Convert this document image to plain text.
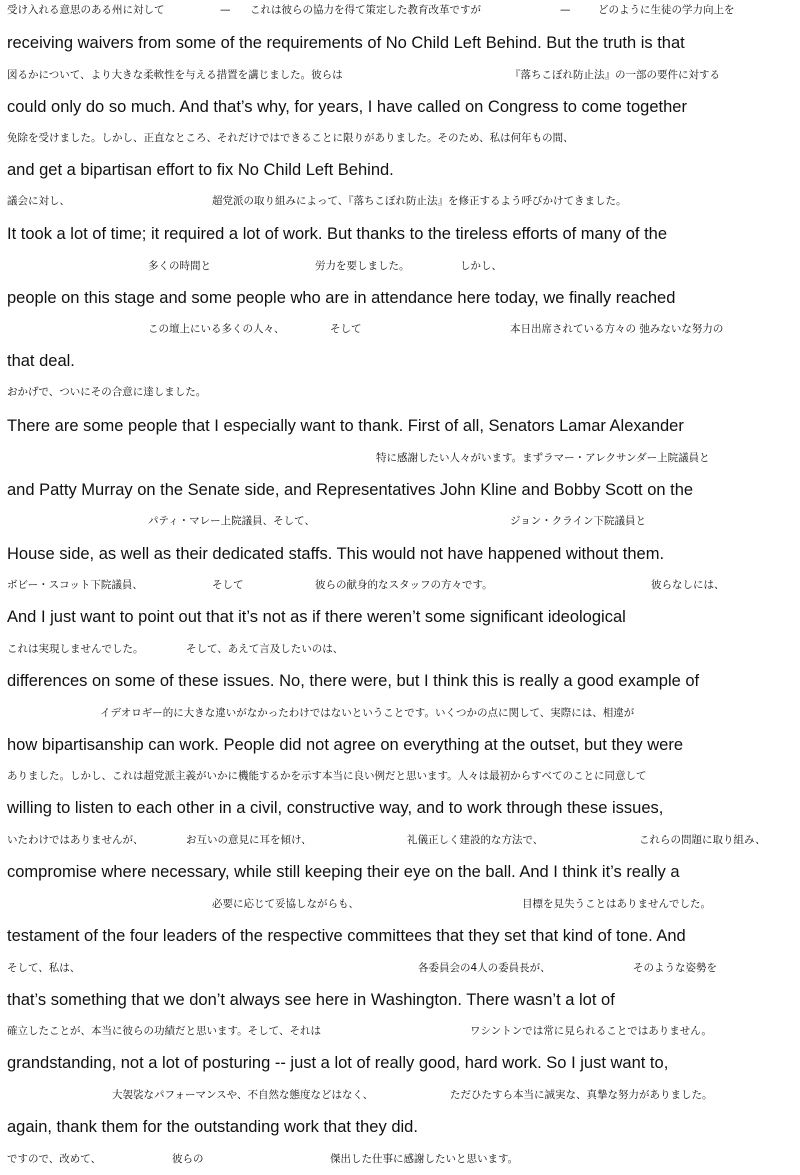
受け入れる意思のある州に対して	— これは彼らの協力を得て策定した教育改革ですが	—	どのように生徒の学力向上を
receiving waivers from some of the requirements of No Child Left Behind. But the truth is that
図るかについて、より大きな柔軟性を与える措置を講じました。彼らは	『落ちこぼれ防止法』の一部の要件に対する
could only do so much. And that’s why, for years, I have called on Congress to come together
免除を受けました。しかし、正直なところ、それだけではできることに限りがありました。そのため、私は何年もの間、
and get a bipartisan effort to fix No Child Left Behind.
議会に対し、	超党派の取り組みによって、『落ちこぼれ防止法』を修正するよう呼びかけてきました。
It took a lot of time; it required a lot of work. But thanks to the tireless efforts of many of the
多くの時間と	労力を要しました。	しかし、
people on this stage and some people who are in attendance here today, we finally reached
この壇上にいる多くの人々、	そして	本日出席されている方々の 弛みないな努力の
that deal.
おかげで、ついにその合意に達しました。
There are some people that I especially want to thank. First of all, Senators Lamar Alexander
特に感謝したい人々がいます。まずラマー・アレクサンダー上院議員と
and Patty Murray on the Senate side, and Representatives John Kline and Bobby Scott on the
パティ・マレー上院議員、そして、	ジョン・クライン下院議員と
House side, as well as their dedicated staffs. This would not have happened without them.
ボビー・スコット下院議員、	そして	彼らの献身的なスタッフの方々です。	彼らなしには、
And I just want to point out that it’s not as if there weren’t some significant ideological
これは実現しませんでした。	そして、あえて言及したいのは、
differences on some of these issues. No, there were, but I think this is really a good example of
イデオロギー的に大きな違いがなかったわけではないということです。いくつかの点に関して、実際には、相違が
how bipartisanship can work. People did not agree on everything at the outset, but they were
ありました。しかし、これは超党派主義がいかに機能するかを示す本当に良い例だと思います。人々は最初からすべてのことに同意して
willing to listen to each other in a civil, constructive way, and to work through these issues,
いたわけではありませんが、	お互いの意見に耳を傾け、	礼儀正しく建設的な方法で、	これらの問題に取り組み、
compromise where necessary, while still keeping their eye on the ball. And I think it’s really a
必要に応じて妥協しながらも、	目標を見失うことはありませんでした。
testament of the four leaders of the respective committees that they set that kind of tone. And
そして、私は、	各委員会の4人の委員長が、	そのような姿勢を
that’s something that we don’t always see here in Washington. There wasn’t a lot of
確立したことが、本当に彼らの功績だと思います。そして、それは	ワシントンでは常に見られることではありません。
grandstanding, not a lot of posturing -- just a lot of really good, hard work. So I just want to,
大袈裟なパフォーマンスや、不自然な態度などはなく、	ただひたすら本当に誠実な、真摯な努力がありました。
again, thank them for the outstanding work that they did.
ですので、改めて、	彼らの	傑出した仕事に感謝したいと思います。
